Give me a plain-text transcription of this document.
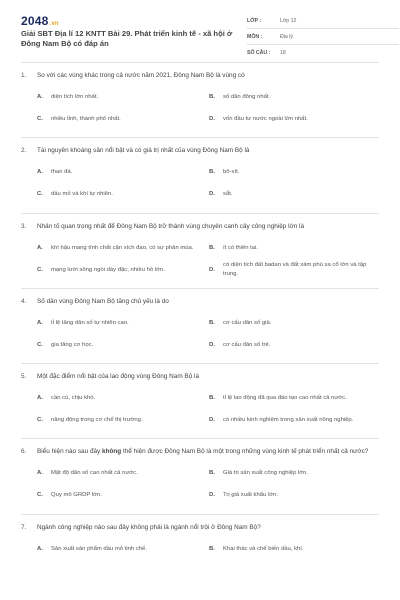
2048.vn
Giải SBT Địa lí 12 KNTT Bài 29. Phát triển kinh tế - xã hội ở Đông Nam Bộ có đáp án
LỚP :	Lớp 12
MÔN :	Địa lý
SỐ CÂU :	18
1.	So với các vùng khác trong cả nước năm 2021, Đông Nam Bộ là vùng có
A.	diện tích lớn nhất.	B.	số dân đông nhất.
C.	nhiều tỉnh, thành phố nhất.	D.	vốn đầu tư nước ngoài lớn nhất.
2.	Tài nguyên khoáng sản nổi bật và có giá trị nhất của vùng Đông Nam Bộ là
A.	than đá.	B.	bô-xít.
C.	dầu mỏ và khí tự nhiên.	D.	sắt.
3.	Nhân tố quan trọng nhất để Đông Nam Bộ trở thành vùng chuyên canh cây công nghiệp lớn là
A.	khí hậu mang tính chất cận xích đạo, có sự phân mùa.	B.	ít có thiên tai.
C.	mạng lưới sông ngòi dày đặc, nhiều hồ lớn.	D.
có diện tích đất badan và đất xám phù sa cổ lớn và tập trung.
4.	Số dân vùng Đông Nam Bộ tăng chủ yếu là do
A.	tỉ lệ tăng dân số tự nhiên cao.	B.	cơ cấu dân số già.
C.	gia tăng cơ học.	D.	cơ cấu dân số trẻ.
5.	Một đặc điểm nổi bật của lao động vùng Đông Nam Bộ là
A.	cần cù, chịu khó.	B.	tỉ lệ lao động đã qua đào tạo cao nhất cả nước.
C.	năng động trong cơ chế thị trường.	D.	có nhiều kinh nghiệm trong sản xuất nông nghiệp.
6.	Biểu hiện nào sau đây không thể hiện được Đông Nam Bộ là một trong những vùng kinh tế phát triển nhất cả nước?
A.	Mật độ dân số cao nhất cả nước.	B.	Giá trị sản xuất công nghiệp lớn.
C.	Quy mô GRDP lớn.	D.	Trị giá xuất khẩu lớn.
7.	Ngành công nghiệp nào sau đây không phải là ngành nổi trội ở Đông Nam Bộ?
A.	Sản xuất sản phẩm dầu mỏ tinh chế.	B.	Khai thác và chế biến dầu, khí.
